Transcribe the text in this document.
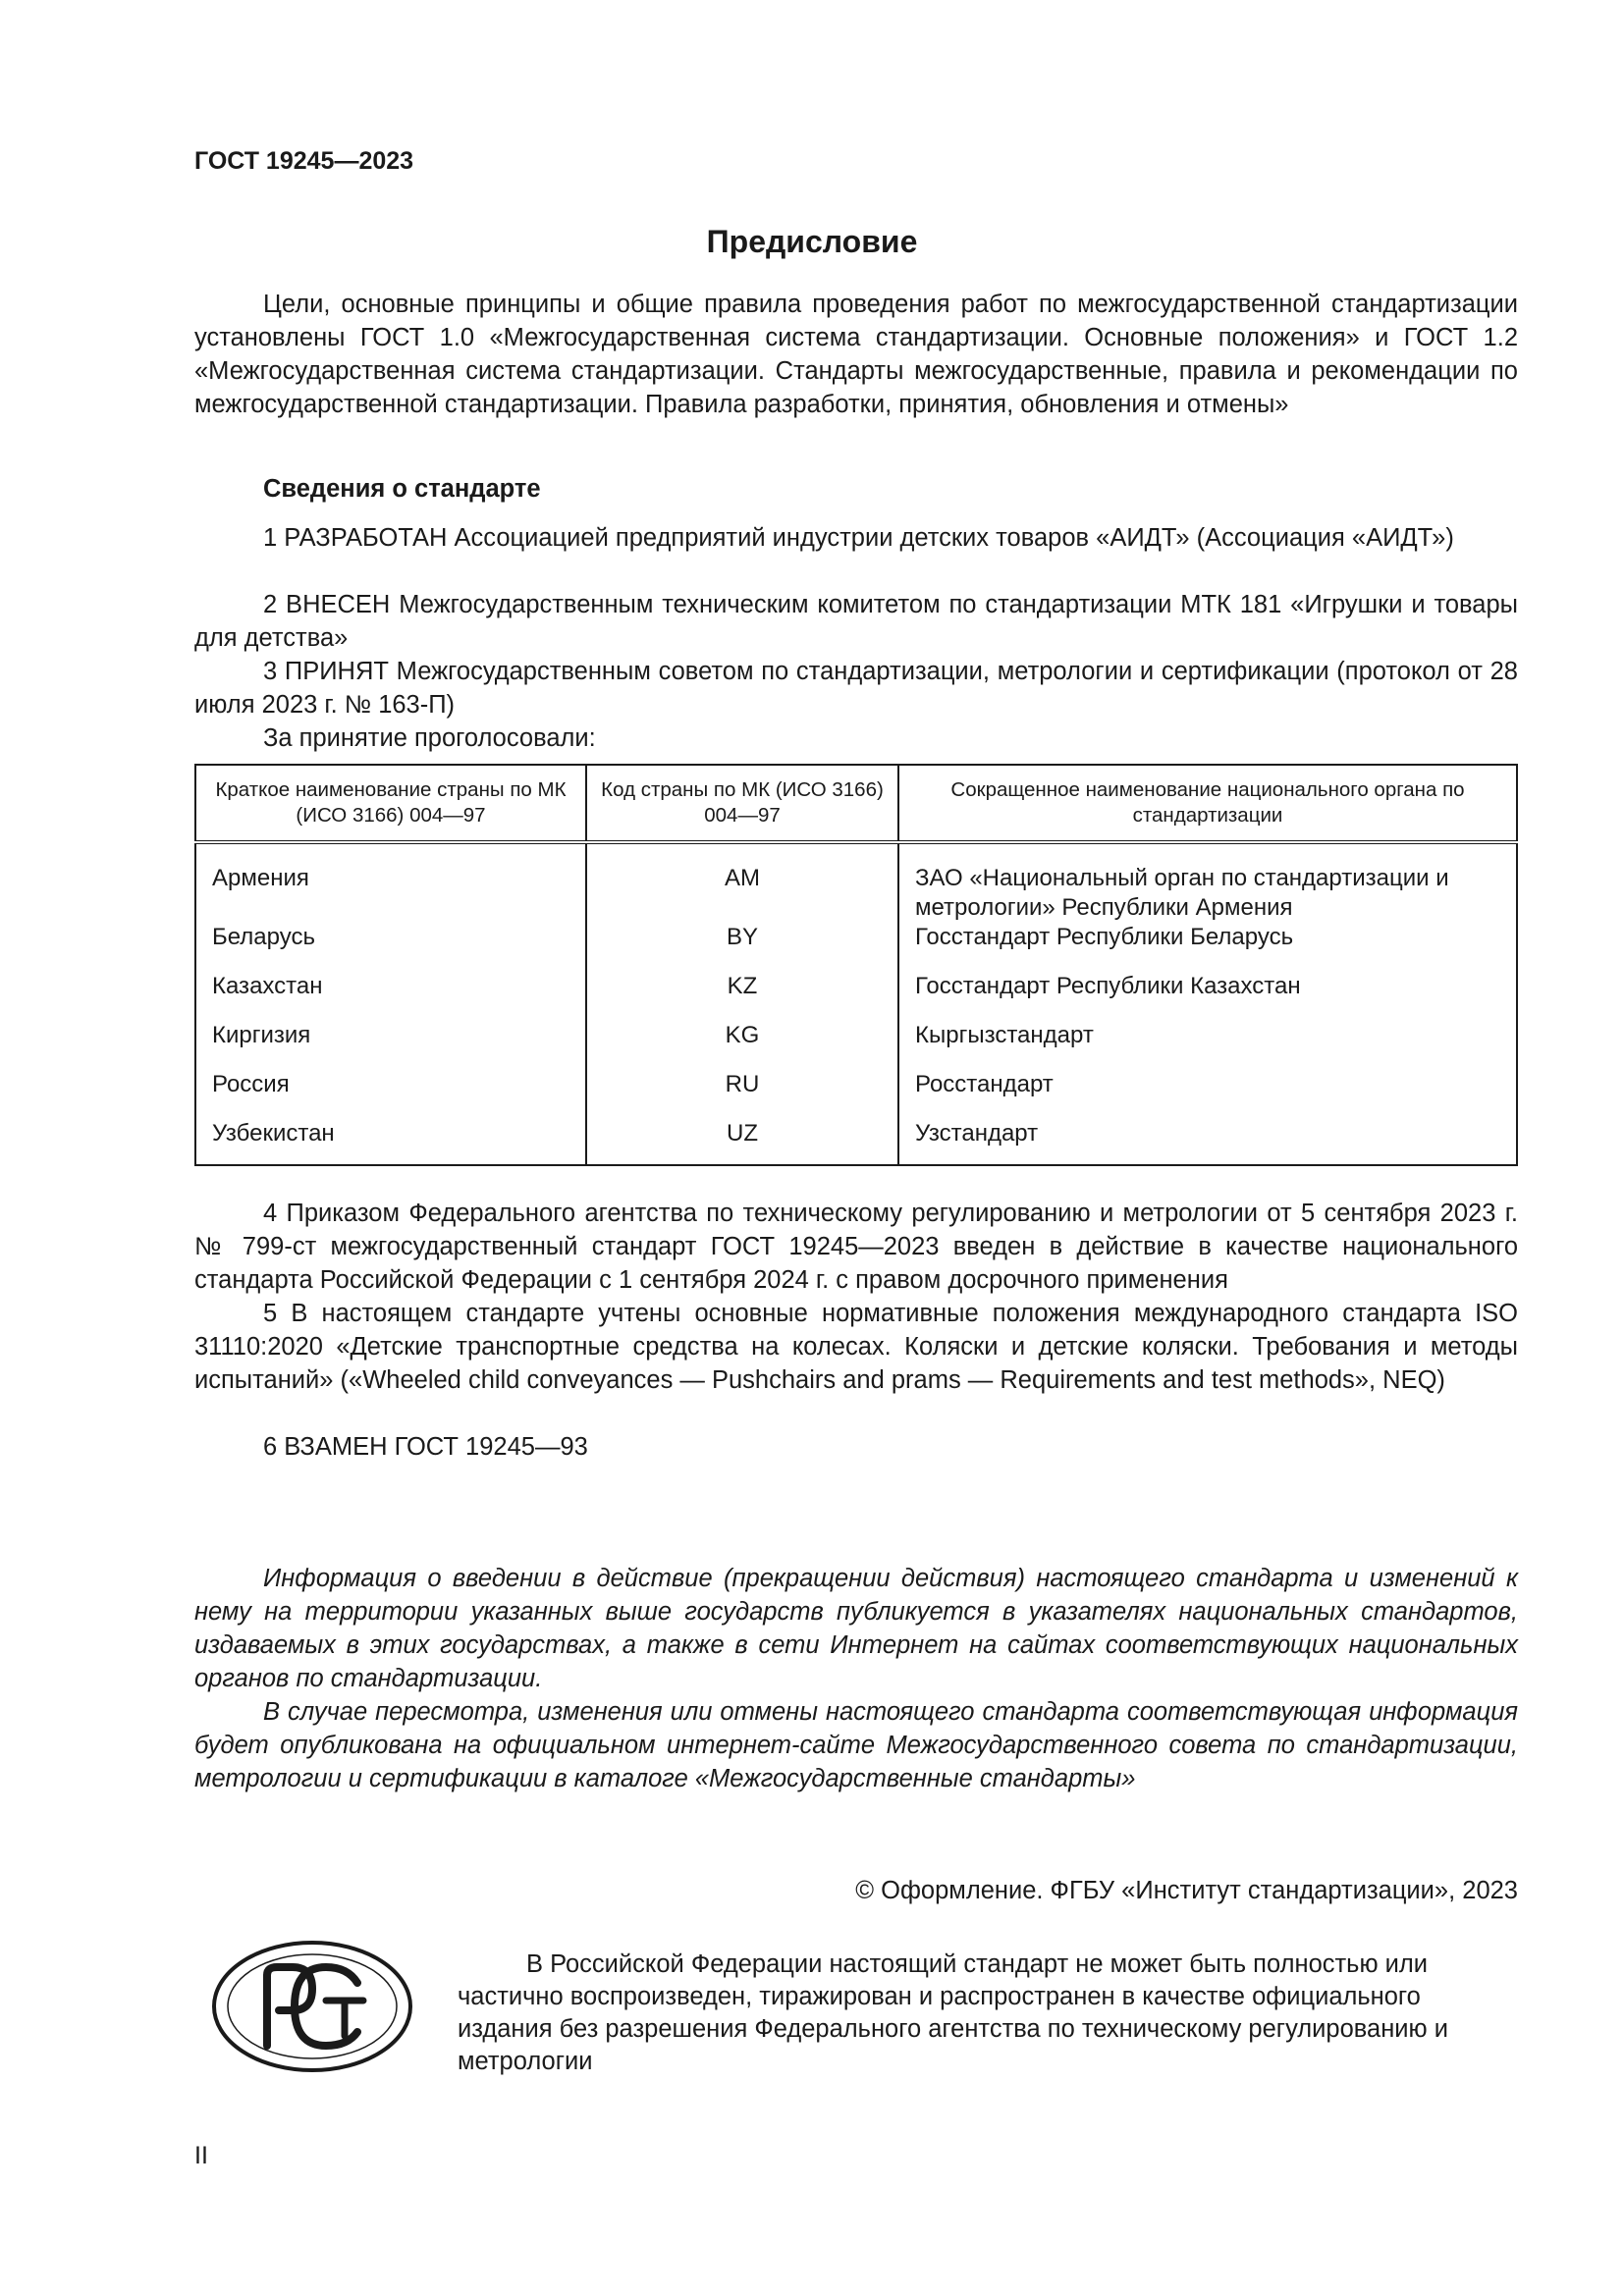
ГОСТ 19245—2023
Предисловие
Цели, основные принципы и общие правила проведения работ по межгосударственной стандартизации установлены ГОСТ 1.0 «Межгосударственная система стандартизации. Основные положения» и ГОСТ 1.2 «Межгосударственная система стандартизации. Стандарты межгосударственные, правила и рекомендации по межгосударственной стандартизации. Правила разработки, принятия, обновления и отмены»
Сведения о стандарте
1 РАЗРАБОТАН Ассоциацией предприятий индустрии детских товаров «АИДТ» (Ассоциация «АИДТ»)
2 ВНЕСЕН Межгосударственным техническим комитетом по стандартизации МТК 181 «Игрушки и товары для детства»
3 ПРИНЯТ Межгосударственным советом по стандартизации, метрологии и сертификации (протокол от 28 июля 2023 г. № 163-П)
За принятие проголосовали:
Краткое наименование страны по МК (ИСО 3166) 004—97	Код страны по МК (ИСО 3166) 004—97	Сокращенное наименование национального органа по стандартизации
Армения	AM	ЗАО «Национальный орган по стандартизации и метрологии» Республики Армения
Беларусь	BY	Госстандарт Республики Беларусь
Казахстан	KZ	Госстандарт Республики Казахстан
Киргизия	KG	Кыргызстандарт
Россия	RU	Росстандарт
Узбекистан	UZ	Узстандарт
4 Приказом Федерального агентства по техническому регулированию и метрологии от 5 сентября 2023 г. № 799-ст межгосударственный стандарт ГОСТ 19245—2023 введен в действие в качестве национального стандарта Российской Федерации с 1 сентября 2024 г. с правом досрочного применения
5 В настоящем стандарте учтены основные нормативные положения международного стандарта ISO 31110:2020 «Детские транспортные средства на колесах. Коляски и детские коляски. Требования и методы испытаний» («Wheeled child conveyances — Pushchairs and prams — Requirements and test methods», NEQ)
6 ВЗАМЕН ГОСТ 19245—93
Информация о введении в действие (прекращении действия) настоящего стандарта и изменений к нему на территории указанных выше государств публикуется в указателях национальных стандартов, издаваемых в этих государствах, а также в сети Интернет на сайтах соответствующих национальных органов по стандартизации.
В случае пересмотра, изменения или отмены настоящего стандарта соответствующая информация будет опубликована на официальном интернет-сайте Межгосударственного совета по стандартизации, метрологии и сертификации в каталоге «Межгосударственные стандарты»
© Оформление. ФГБУ «Институт стандартизации», 2023
В Российской Федерации настоящий стандарт не может быть полностью или частично воспроизведен, тиражирован и распространен в качестве официального издания без разрешения Федерального агентства по техническому регулированию и метрологии
II
